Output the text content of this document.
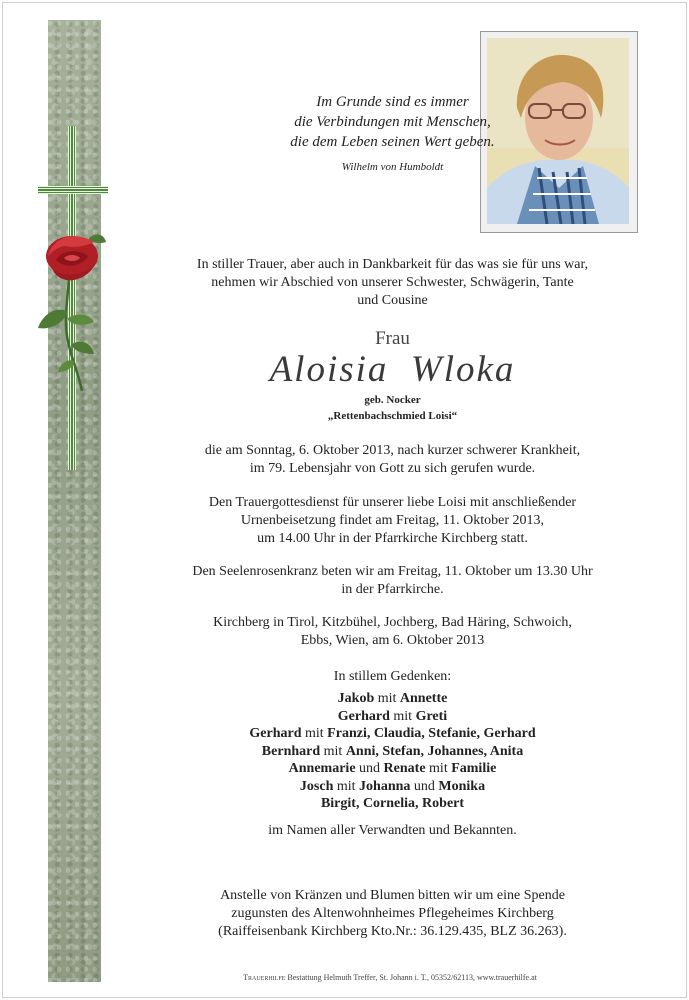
Im Grunde sind es immer
die Verbindungen mit Menschen,
die dem Leben seinen Wert geben.
Wilhelm von Humboldt
In stiller Trauer, aber auch in Dankbarkeit für das was sie für uns war,
nehmen wir Abschied von unserer Schwester, Schwägerin, Tante
und Cousine
Frau
Aloisia  Wloka
geb. Nocker
„Rettenbachschmied Loisi“
die am Sonntag, 6. Oktober 2013, nach kurzer schwerer Krankheit,
im 79. Lebensjahr von Gott zu sich gerufen wurde.
Den Trauergottesdienst für unserer liebe Loisi mit anschließender
Urnenbeisetzung findet am Freitag, 11. Oktober 2013,
um 14.00 Uhr in der Pfarrkirche Kirchberg statt.
Den Seelenrosenkranz beten wir am Freitag, 11. Oktober um 13.30 Uhr
in der Pfarrkirche.
Kirchberg in Tirol, Kitzbühel, Jochberg, Bad Häring, Schwoich,
Ebbs, Wien, am 6. Oktober 2013
In stillem Gedenken:
Jakob mit Annette
Gerhard mit Greti
Gerhard mit Franzi, Claudia, Stefanie, Gerhard
Bernhard mit Anni, Stefan, Johannes, Anita
Annemarie und Renate mit Familie
Josch mit Johanna und Monika
Birgit, Cornelia, Robert
im Namen aller Verwandten und Bekannten.
Anstelle von Kränzen und Blumen bitten wir um eine Spende
zugunsten des Altenwohnheimes Pflegeheimes Kirchberg
(Raiffeisenbank Kirchberg Kto.Nr.: 36.129.435, BLZ 36.263).
Trauerhilfe Bestattung Helmuth Treffer, St. Johann i. T., 05352/62113, www.trauerhilfe.at
